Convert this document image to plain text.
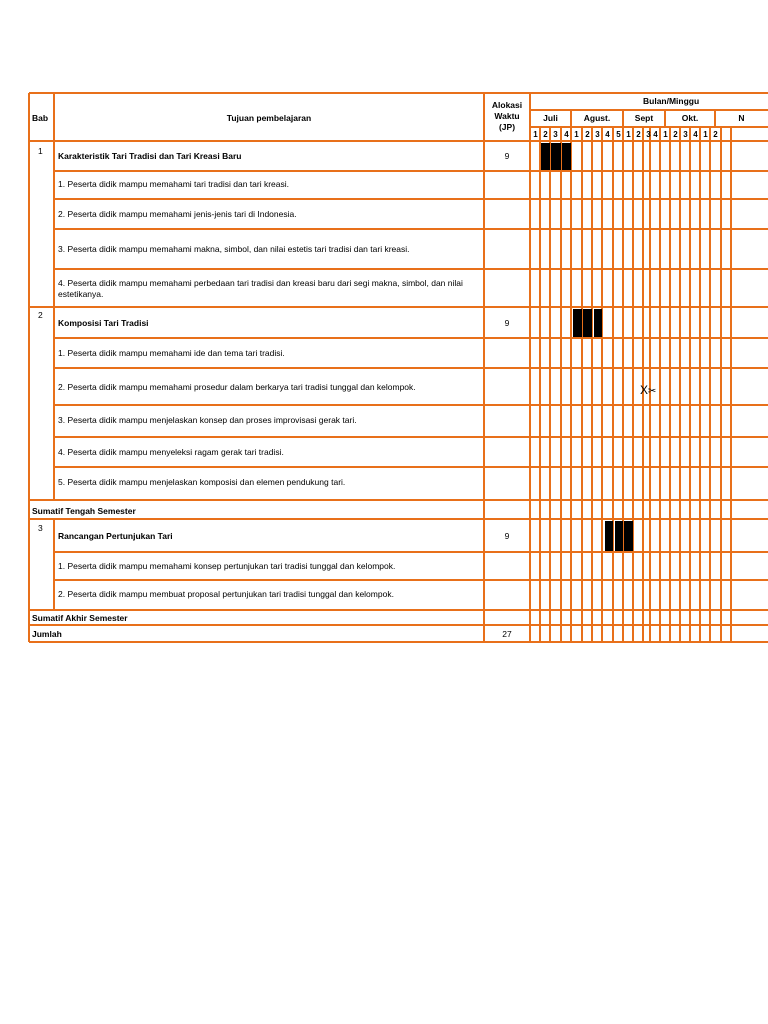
Bab	Tujuan pembelajaran
Alokasi
Waktu
(JP)
Bulan/Minggu
Juli	Agust.	Sept	Okt.	N
1 2 3 4 1 2 3 4 5 1 2 3 4 1 2 3 4 1 2
1 Karakteristik Tari Tradisi dan Tari Kreasi Baru	9
1. Peserta didik mampu memahami tari tradisi dan tari kreasi.
2. Peserta didik mampu memahami jenis-jenis tari di Indonesia.
3. Peserta didik mampu memahami makna, simbol, dan nilai estetis tari tradisi dan tari kreasi.
4. Peserta didik mampu memahami perbedaan tari tradisi dan kreasi baru dari segi makna, simbol, dan nilai estetikanya.
2
Komposisi Tari Tradisi	9
1. Peserta didik mampu memahami ide dan tema tari tradisi.
2. Peserta didik mampu memahami prosedur dalam berkarya tari tradisi tunggal dan kelompok.
3. Peserta didik mampu menjelaskan konsep dan proses improvisasi gerak tari.
4. Peserta didik mampu menyeleksi ragam gerak tari tradisi.
5. Peserta didik mampu menjelaskan komposisi dan elemen pendukung tari.
Sumatif Tengah Semester
3
Rancangan Pertunjukan Tari	9
1. Peserta didik mampu memahami konsep pertunjukan tari tradisi tunggal dan kelompok.
2. Peserta didik mampu membuat proposal pertunjukan tari tradisi tunggal dan kelompok.
Sumatif Akhir Semester
Jumlah	27
X ✂
